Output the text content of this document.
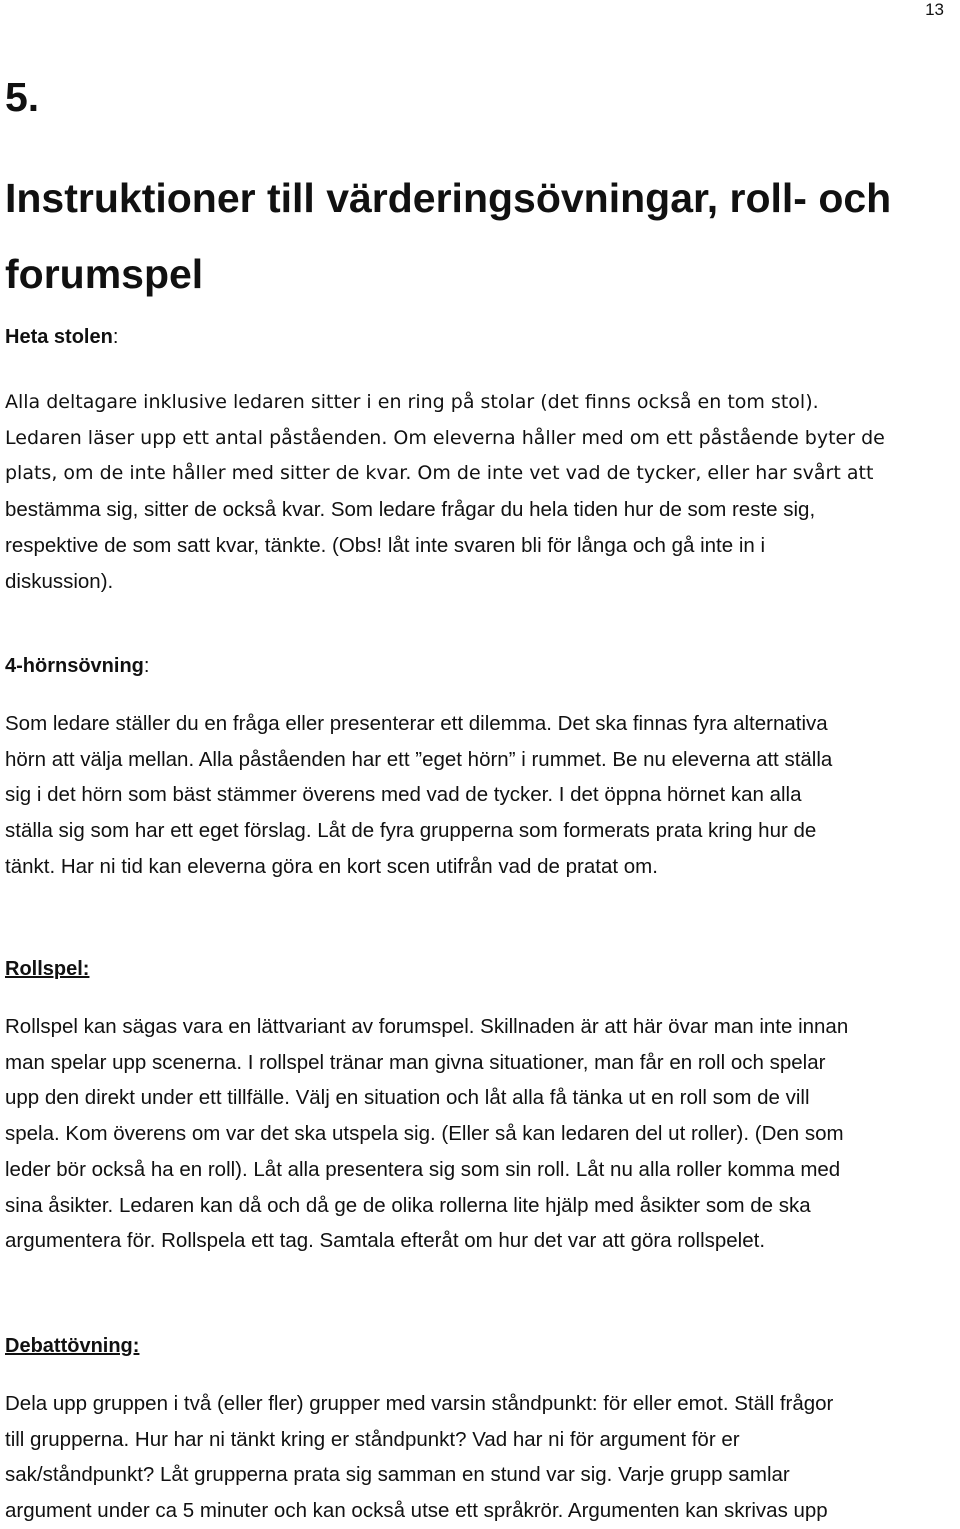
13
5.
Instruktioner till värderingsövningar, roll- och forumspel

Heta stolen:

Alla deltagare inklusive ledaren sitter i en ring på stolar (det finns också en tom stol).

Ledaren läser upp ett antal påståenden. Om eleverna håller med om ett påstående byter de

plats, om de inte håller med sitter de kvar. Om de inte vet vad de tycker, eller har svårt att

bestämma sig, sitter de också kvar. Som ledare frågar du hela tiden hur de som reste sig,

respektive de som satt kvar, tänkte. (Obs! låt inte svaren bli för långa och gå inte in i

diskussion).

4-hörnsövning:

Som ledare ställer du en fråga eller presenterar ett dilemma. Det ska finnas fyra alternativa

hörn att välja mellan. Alla påståenden har ett ”eget hörn” i rummet. Be nu eleverna att ställa

sig i det hörn som bäst stämmer överens med vad de tycker. I det öppna hörnet kan alla

ställa sig som har ett eget förslag. Låt de fyra grupperna som formerats prata kring hur de

tänkt. Har ni tid kan eleverna göra en kort scen utifrån vad de pratat om.

Rollspel:

Rollspel kan sägas vara en lättvariant av forumspel. Skillnaden är att här övar man inte innan

man spelar upp scenerna. I rollspel tränar man givna situationer, man får en roll och spelar

upp den direkt under ett tillfälle. Välj en situation och låt alla få tänka ut en roll som de vill

spela. Kom överens om var det ska utspela sig. (Eller så kan ledaren del ut roller). (Den som

leder bör också ha en roll). Låt alla presentera sig som sin roll. Låt nu alla roller komma med

sina åsikter. Ledaren kan då och då ge de olika rollerna lite hjälp med åsikter som de ska

argumentera för. Rollspela ett tag. Samtala efteråt om hur det var att göra rollspelet.

Debattövning:

Dela upp gruppen i två (eller fler) grupper med varsin ståndpunkt: för eller emot. Ställ frågor

till grupperna. Hur har ni tänkt kring er ståndpunkt? Vad har ni för argument för er

sak/ståndpunkt? Låt grupperna prata sig samman en stund var sig. Varje grupp samlar

argument under ca 5 minuter och kan också utse ett språkrör. Argumenten kan skrivas upp
